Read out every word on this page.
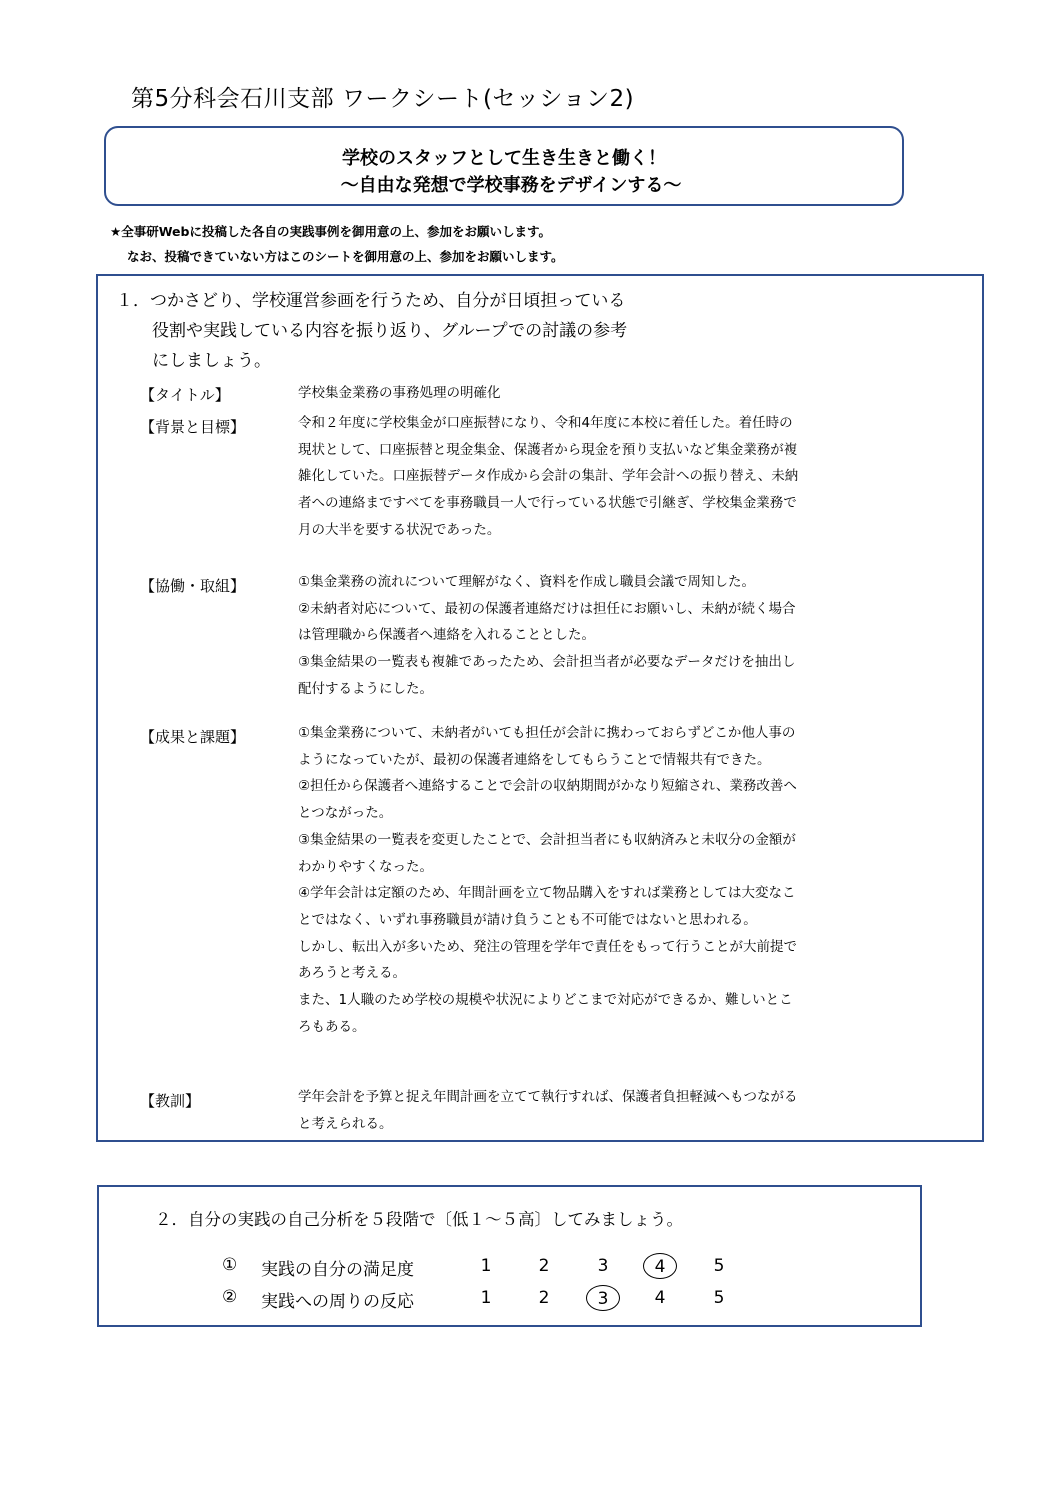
第5分科会石川支部 ワークシート(セッション2)
学校のスタッフとして生き生きと働く！
～自由な発想で学校事務をデザインする～
★全事研Webに投稿した各自の実践事例を御用意の上、参加をお願いします。
なお、投稿できていない方はこのシートを御用意の上、参加をお願いします。
１．つかさどり、学校運営参画を行うため、自分が日頃担っている
役割や実践している内容を振り返り、グループでの討議の参考
にしましょう。
【タイトル】	学校集金業務の事務処理の明確化
【背景と目標】	令和２年度に学校集金が口座振替になり、令和4年度に本校に着任した。着任時の
現状として、口座振替と現金集金、保護者から現金を預り支払いなど集金業務が複
雑化していた。口座振替データ作成から会計の集計、学年会計への振り替え、未納
者への連絡まですべてを事務職員一人で行っている状態で引継ぎ、学校集金業務で
月の大半を要する状況であった。
【協働・取組】	①集金業務の流れについて理解がなく、資料を作成し職員会議で周知した。
②未納者対応について、最初の保護者連絡だけは担任にお願いし、未納が続く場合
は管理職から保護者へ連絡を入れることとした。
③集金結果の一覧表も複雑であったため、会計担当者が必要なデータだけを抽出し
配付するようにした。
【成果と課題】	①集金業務について、未納者がいても担任が会計に携わっておらずどこか他人事の
ようになっていたが、最初の保護者連絡をしてもらうことで情報共有できた。
②担任から保護者へ連絡することで会計の収納期間がかなり短縮され、業務改善へ
とつながった。
③集金結果の一覧表を変更したことで、会計担当者にも収納済みと未収分の金額が
わかりやすくなった。
④学年会計は定額のため、年間計画を立て物品購入をすれば業務としては大変なこ
とではなく、いずれ事務職員が請け負うことも不可能ではないと思われる。
しかし、転出入が多いため、発注の管理を学年で責任をもって行うことが大前提で
あろうと考える。
また、1人職のため学校の規模や状況によりどこまで対応ができるか、難しいとこ
ろもある。
【教訓】	学年会計を予算と捉え年間計画を立てて執行すれば、保護者負担軽減へもつながる
と考えられる。
２．自分の実践の自己分析を５段階で〔低１～５高〕してみましょう。
① 実践の自分の満足度	1	2	3	4	5
② 実践への周りの反応	1	2	3	4	5
